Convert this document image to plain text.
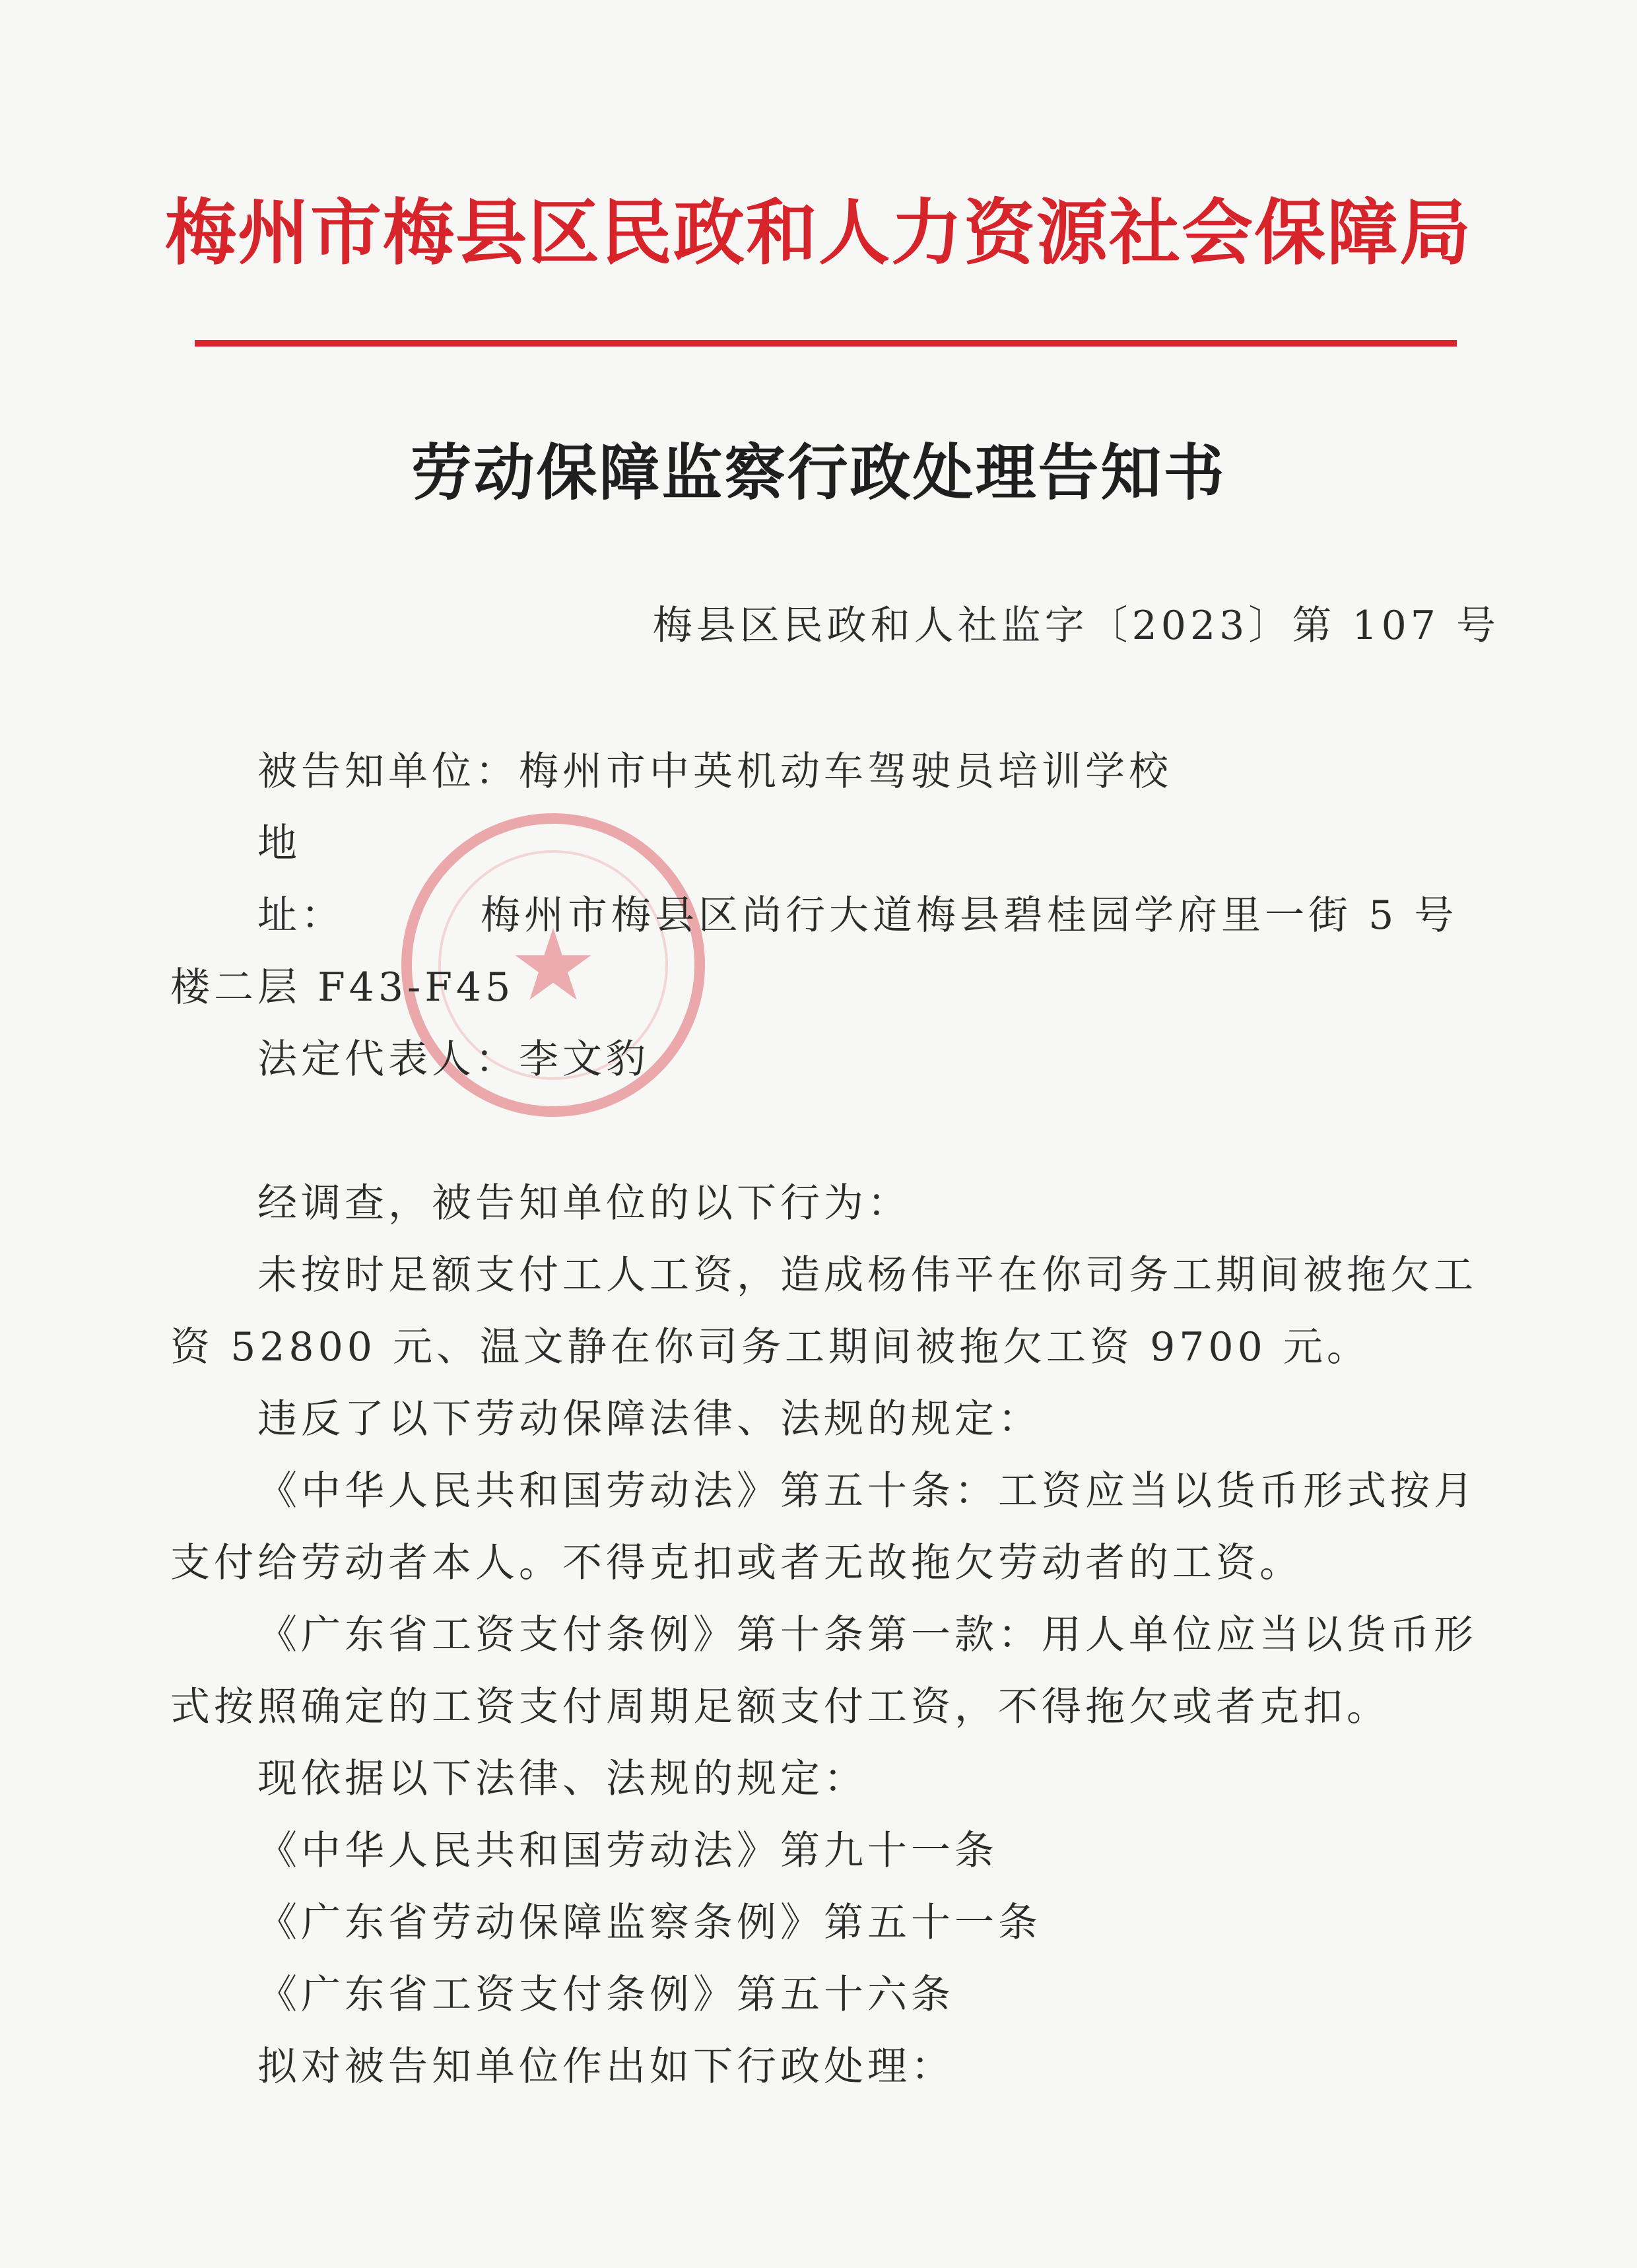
梅州市梅县区民政和人力资源社会保障局
劳动保障监察行政处理告知书
梅县区民政和人社监字〔2023〕第 107 号
★

被告知单位：梅州市中英机动车驾驶员培训学校

地址：	梅州市梅县区尚行大道梅县碧桂园学府里一街 5 号

楼二层 F43-F45

法定代表人：李文豹

经调查，被告知单位的以下行为：

未按时足额支付工人工资，造成杨伟平在你司务工期间被拖欠工

资 52800 元、温文静在你司务工期间被拖欠工资 9700 元。

违反了以下劳动保障法律、法规的规定：

《中华人民共和国劳动法》第五十条：工资应当以货币形式按月

支付给劳动者本人。不得克扣或者无故拖欠劳动者的工资。

《广东省工资支付条例》第十条第一款：用人单位应当以货币形

式按照确定的工资支付周期足额支付工资，不得拖欠或者克扣。

现依据以下法律、法规的规定：

《中华人民共和国劳动法》第九十一条

《广东省劳动保障监察条例》第五十一条

《广东省工资支付条例》第五十六条

拟对被告知单位作出如下行政处理：
